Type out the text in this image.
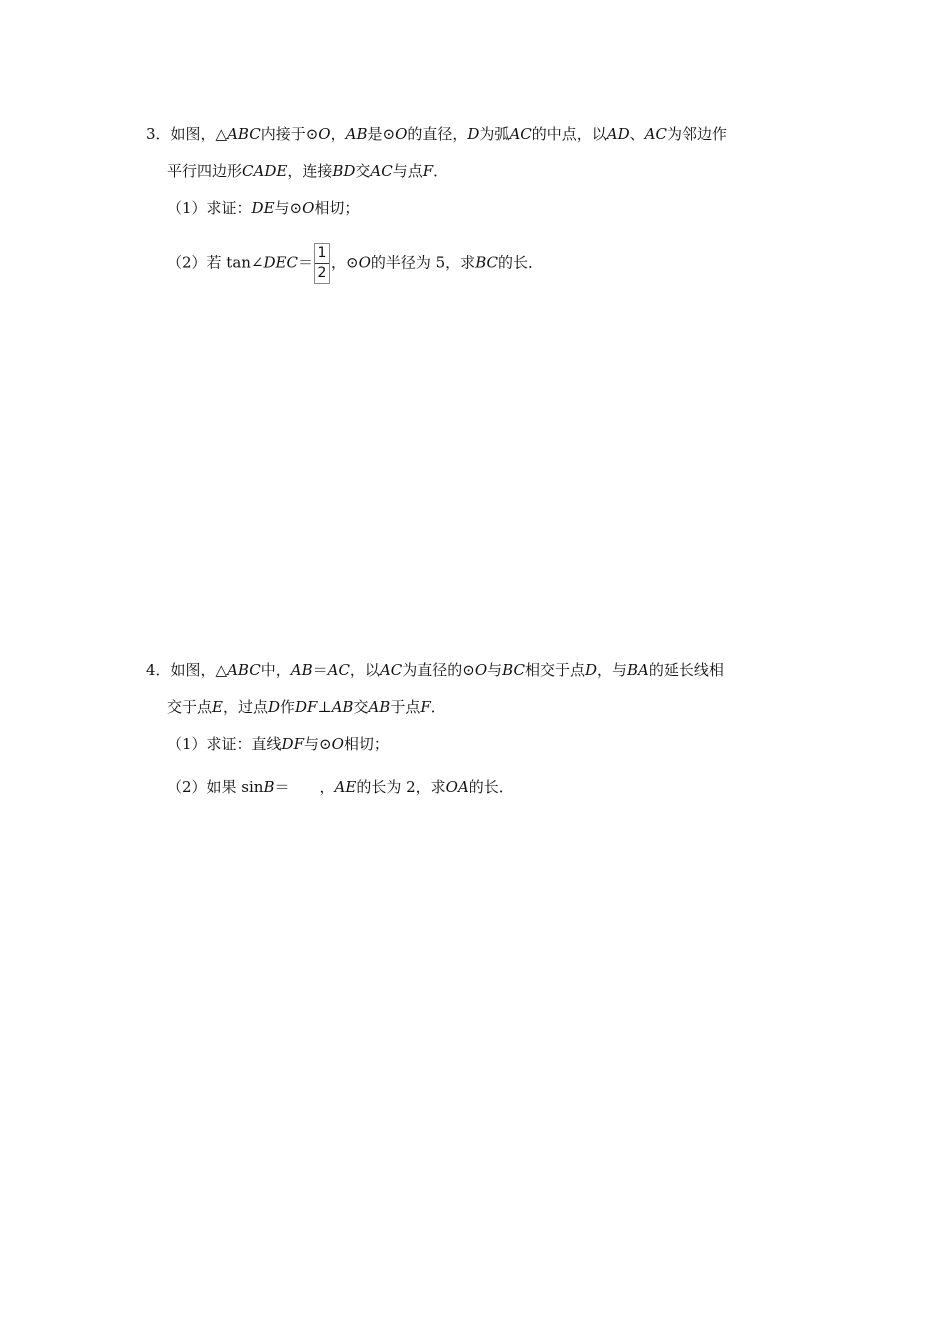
3．如图，△ABC内接于⊙O，AB是⊙O的直径，D为弧AC的中点，以AD、AC为邻边作
平行四边形CADE，连接BD交AC与点F．
（1）求证：DE与⊙O相切；
（2）若 tan∠DEC＝ $\frac{1}{2}$ ，⊙O的半径为 5，求BC的长．
4．如图，△ABC中，AB＝AC，以AC为直径的⊙O与BC相交于点D，与BA的延长线相
交于点E，过点D作DF⊥AB交AB于点F．
（1）求证：直线DF与⊙O相切；
（2）如果 sinB＝ ，AE的长为 2，求OA的长．
